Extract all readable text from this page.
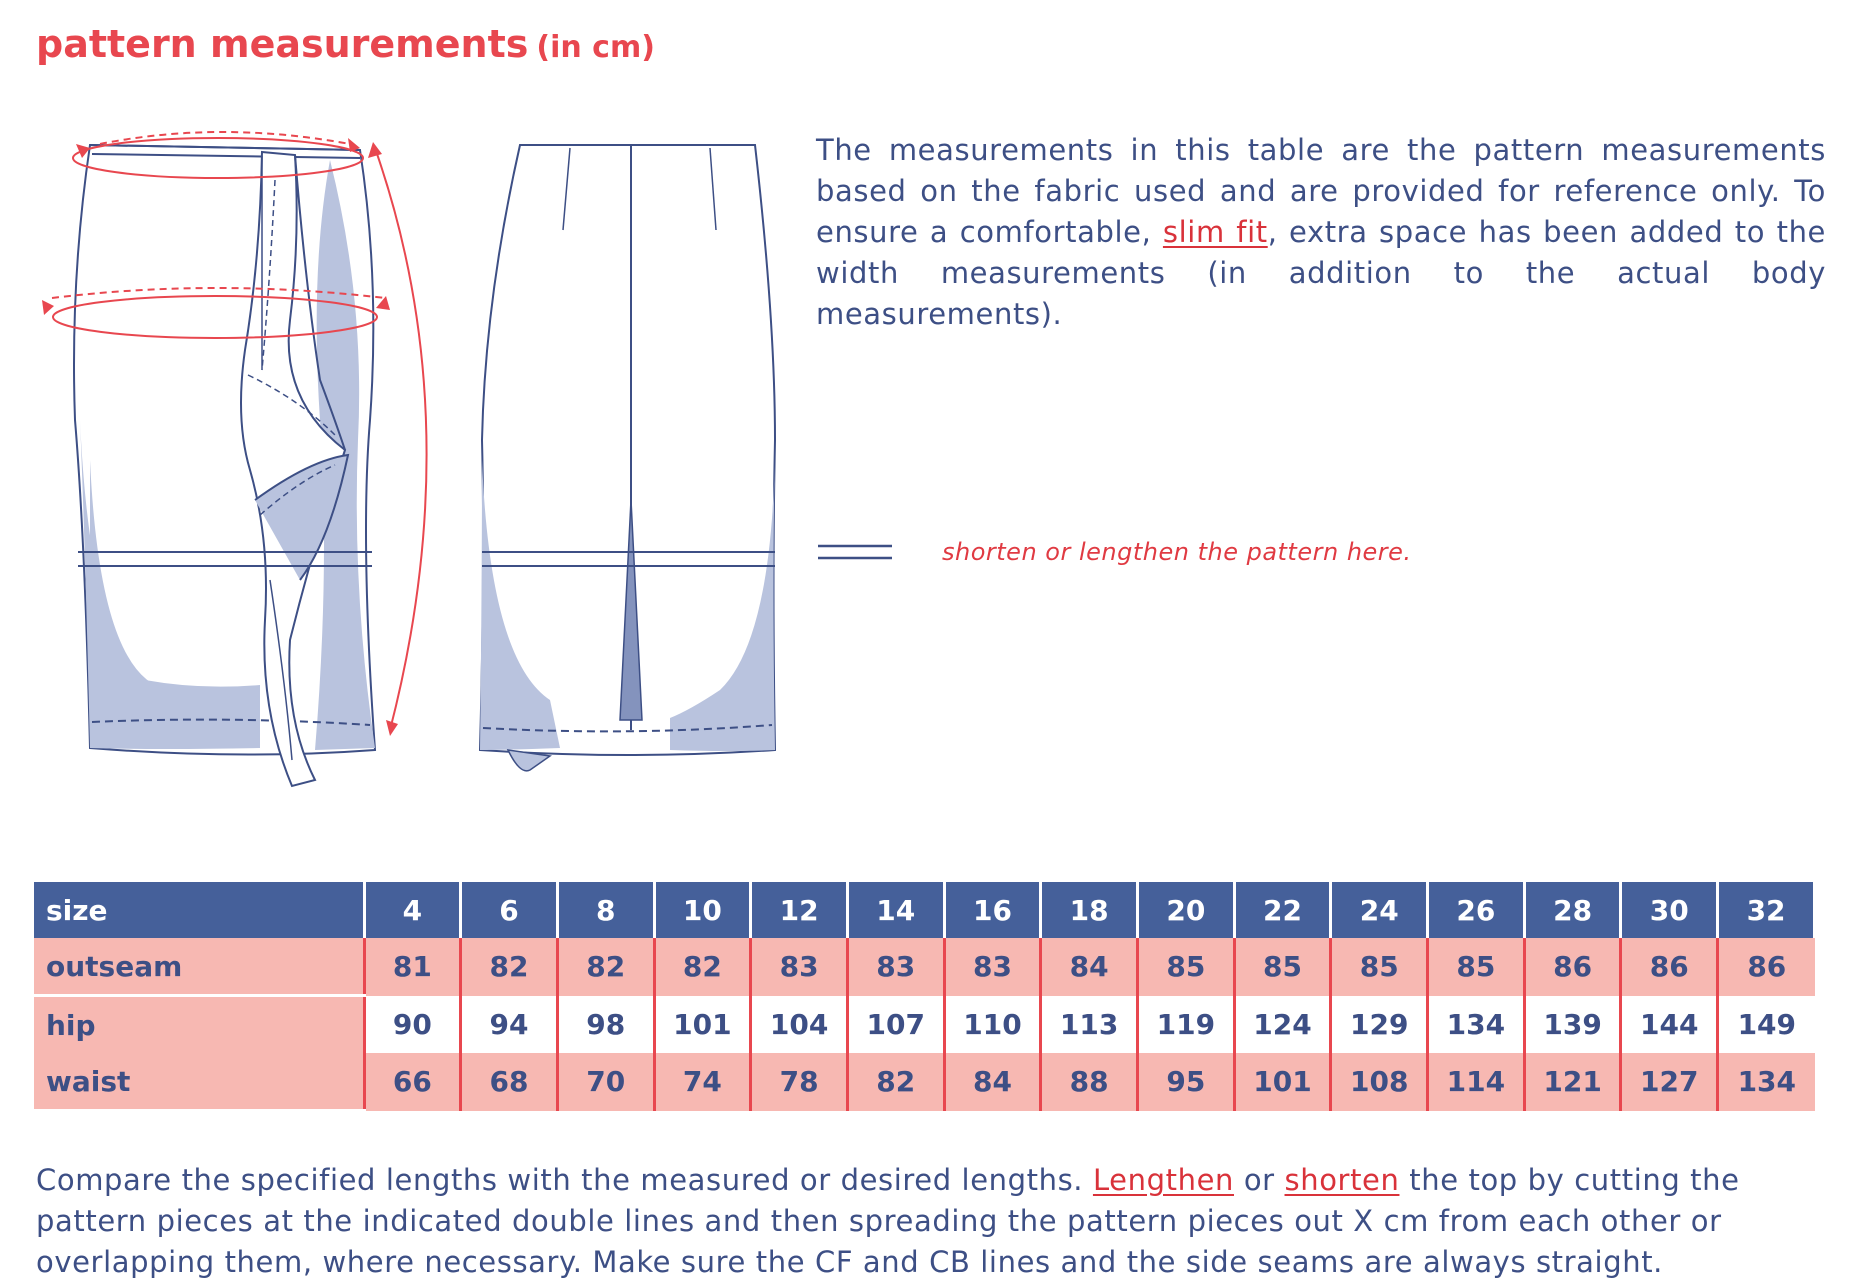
pattern measurements (in cm)
The measurements in this table are the pattern measurements based on the fabric used and are provided for reference only. To ensure a comfortable, slim fit, extra space has been added to the width measurements (in addition to the actual body measurements).
shorten or lengthen the pattern here.
size	4	6	8	10	12	14	16	18	20	22	24	26	28	30	32
outseam	81	82	82	82	83	83	83	84	85	85	85	85	86	86	86
hip	90	94	98	101	104	107	110	113	119	124	129	134	139	144	149
waist	66	68	70	74	78	82	84	88	95	101	108	114	121	127	134
Compare the specified lengths with the measured or desired lengths. Lengthen or shorten the top by cutting the pattern pieces at the indicated double lines and then spreading the pattern pieces out X cm from each other or overlapping them, where necessary. Make sure the CF and CB lines and the side seams are always straight.
